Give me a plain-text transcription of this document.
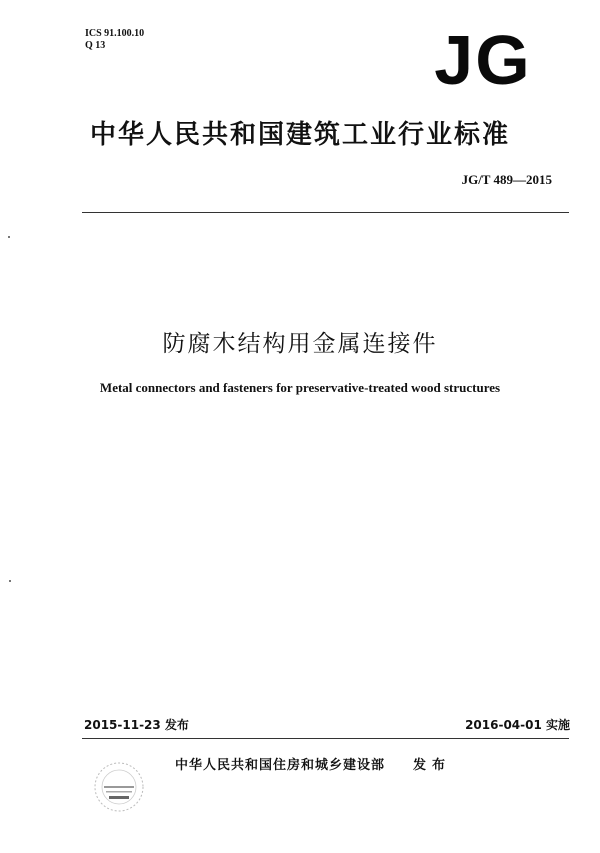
ICS 91.100.10
Q 13	JG
中华人民共和国建筑工业行业标准
JG/T 489—2015
防腐木结构用金属连接件
Metal connectors and fasteners for preservative-treated wood structures
2015-11-23 发布	2016-04-01 实施
中华人民共和国住房和城乡建设部 发布
